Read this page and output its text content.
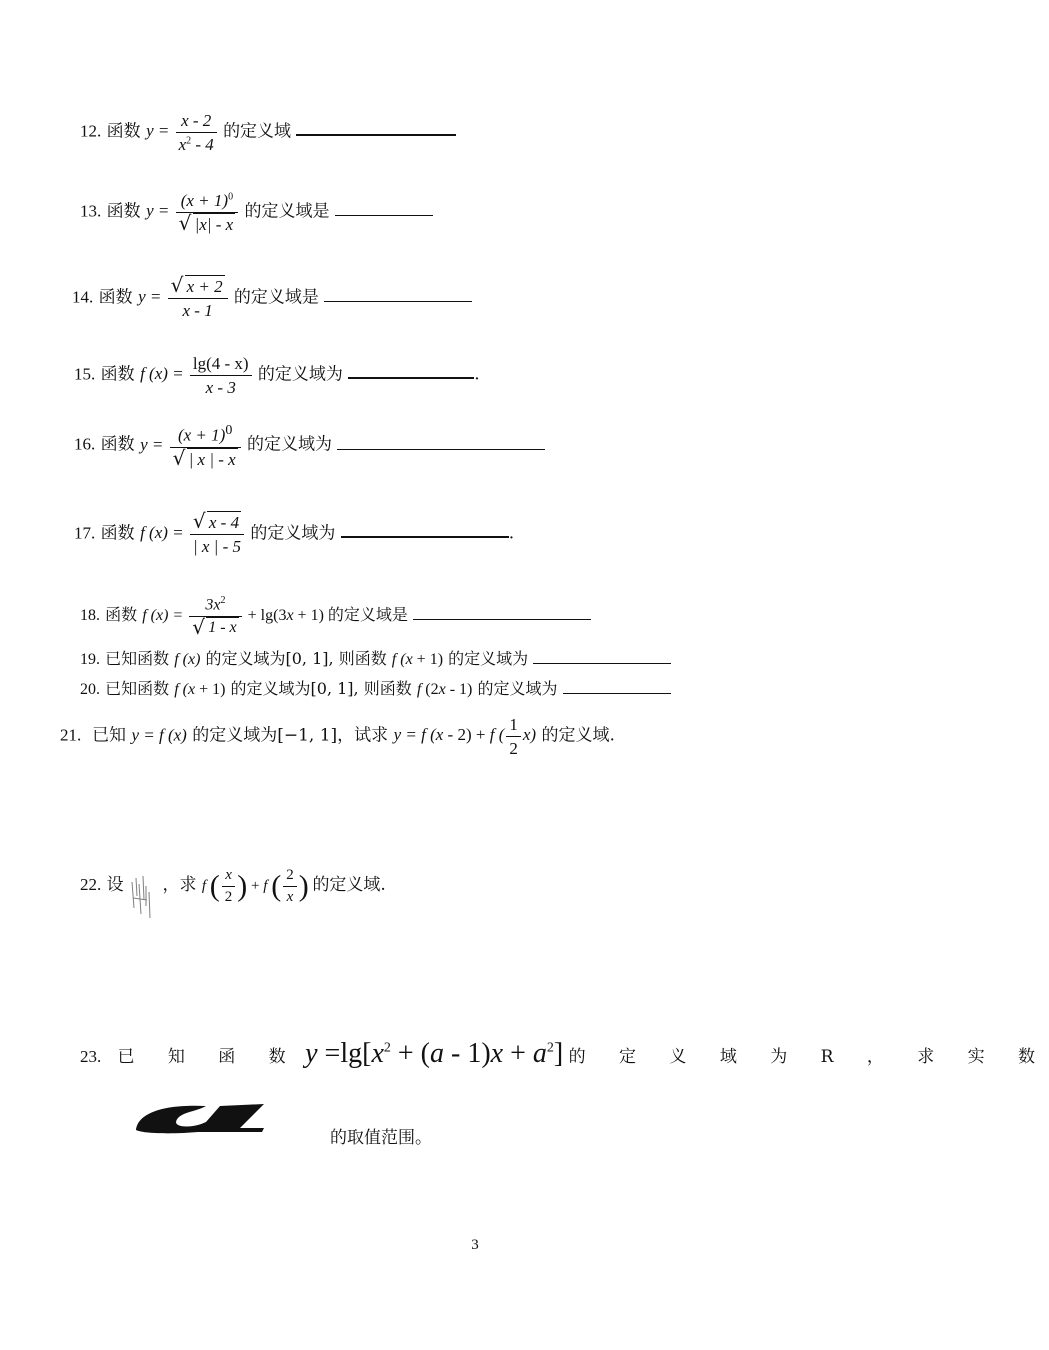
12. 函数 $y = \frac{x - 2}{x^2 - 4}$ 的定义域
13. 函数 $y = (x + 1)^0$
√ |x| - x 的定义域是
14. 函数 y = √ $\frac{x + 2}{x - 1}$ 的定义域是
15. 函数 f $(x) = \frac{\lg(4 - x)}{x - 3}$ 的定义域为	.
16. 函数 $y = (x + 1)^0$
√ | x | - x 的定义域为
17. 函数 f (x) = √ $\frac{x - 4}{| x | - 5}$ 的定义域为	.
18. 函数 f $(x) = 3x^2$
√ 1 - x + lg(3x + 1) 的定义域是
19. 已知函数 f (x) 的定义域为[0, 1], 则函数 f (x + 1) 的定义域为
20. 已知函数 f (x + 1) 的定义域为[0, 1], 则函数 f (2x - 1) 的定义域为
21. 已知 y = f (x) 的定义域为[−1, 1]，试求 y = f (x - 2) + f ( $\frac{1}{2} x$) 的定义域.
22. 设 ，求 f ( $\frac{x}{2}$ ) + f ( $\frac{2}{x}$ ) 的定义域.
23. 已 知 函 数 $y =\lg[x^2 + (a - 1)x + a^2]$ 的 定 义 域 为 R ， 求 实 数
的取值范围。
3
